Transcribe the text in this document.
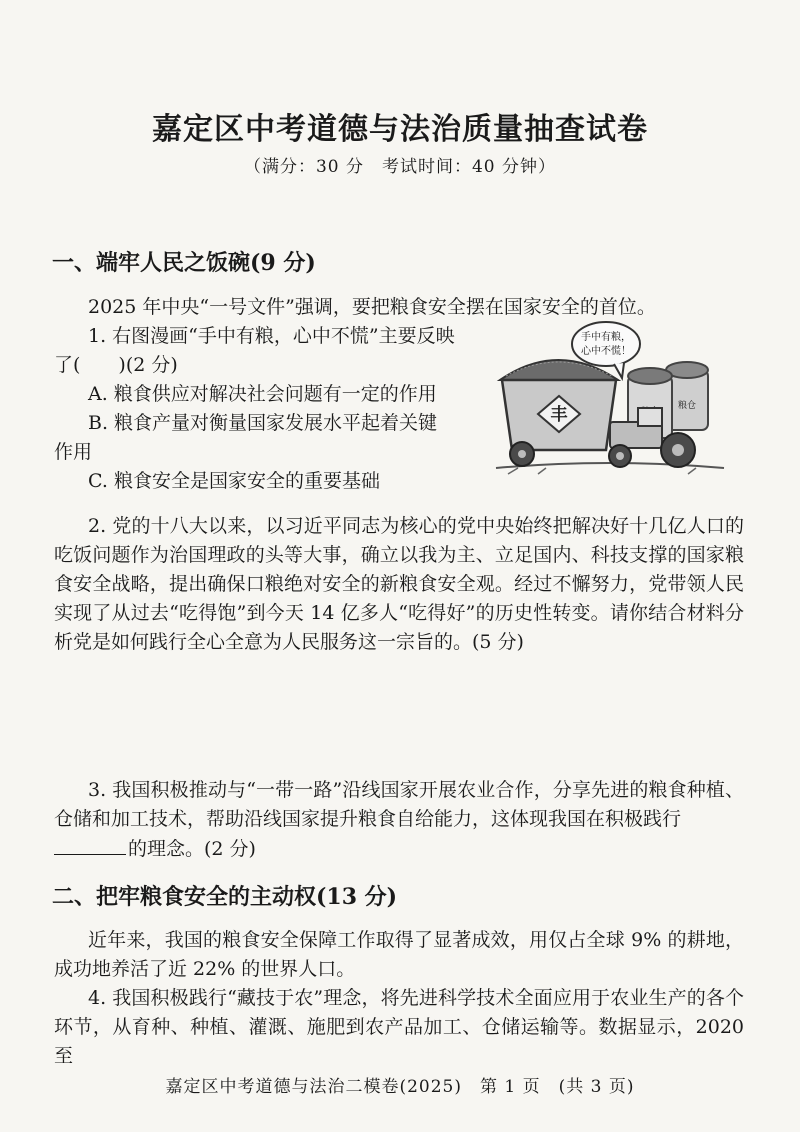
嘉定区中考道德与法治质量抽查试卷
（满分：30 分　考试时间：40 分钟）
一、端牢人民之饭碗(9 分)
2025 年中央“一号文件”强调，要把粮食安全摆在国家安全的首位。
1. 右图漫画“手中有粮，心中不慌”主要反映
了(　　)(2 分)
A. 粮食供应对解决社会问题有一定的作用
B. 粮食产量对衡量国家发展水平起着关键
作用
C. 粮食安全是国家安全的重要基础
粮仓
丰
手中有粮，
心中不慌！
2. 党的十八大以来，以习近平同志为核心的党中央始终把解决好十几亿人口的吃饭问题作为治国理政的头等大事，确立以我为主、立足国内、科技支撑的国家粮食安全战略，提出确保口粮绝对安全的新粮食安全观。经过不懈努力，党带领人民实现了从过去“吃得饱”到今天 14 亿多人“吃得好”的历史性转变。请你结合材料分析党是如何践行全心全意为人民服务这一宗旨的。(5 分)
3. 我国积极推动与“一带一路”沿线国家开展农业合作，分享先进的粮食种植、仓储和加工技术，帮助沿线国家提升粮食自给能力，这体现我国在积极践行
的理念。(2 分)
二、把牢粮食安全的主动权(13 分)
近年来，我国的粮食安全保障工作取得了显著成效，用仅占全球 9% 的耕地，成功地养活了近 22% 的世界人口。
4. 我国积极践行“藏技于农”理念，将先进科学技术全面应用于农业生产的各个环节，从育种、种植、灌溉、施肥到农产品加工、仓储运输等。数据显示，2020 至
嘉定区中考道德与法治二模卷(2025)　第 1 页　(共 3 页)
